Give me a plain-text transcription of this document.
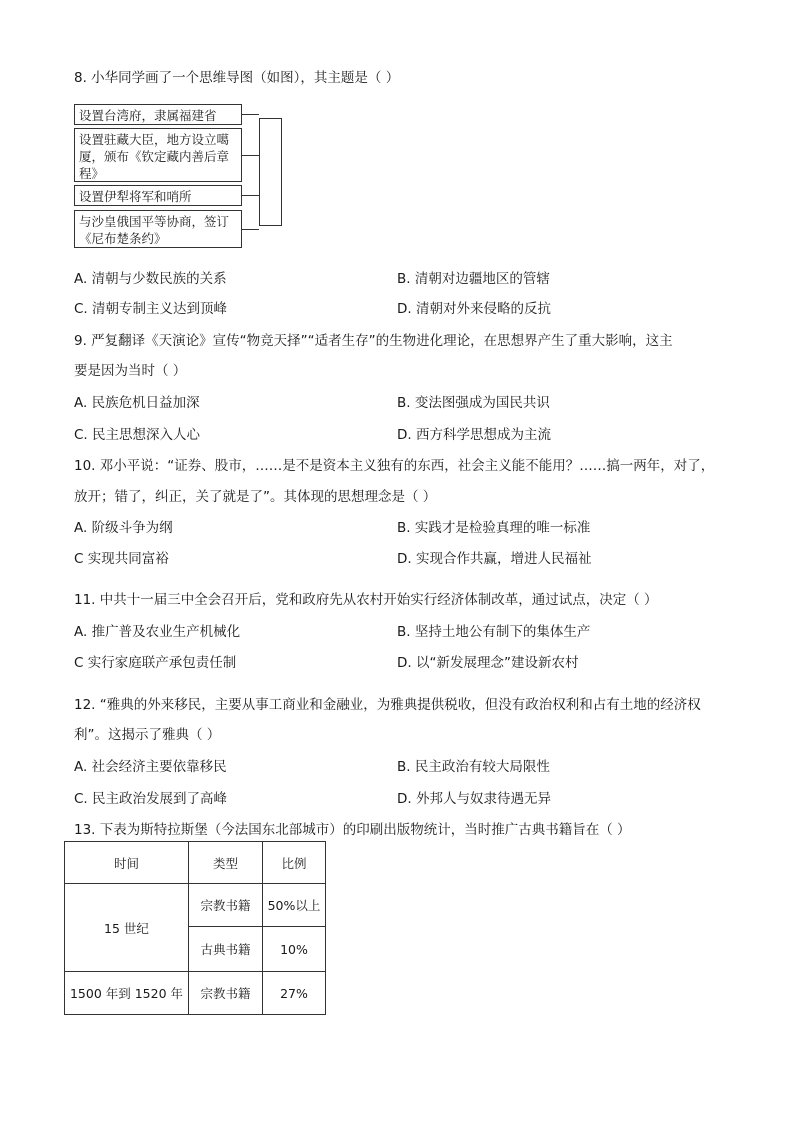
8. 小华同学画了一个思维导图（如图），其主题是（ ）
设置台湾府，隶属福建省
设置驻藏大臣，地方设立噶厦，颁布《钦定藏内善后章程》
设置伊犁将军和哨所
与沙皇俄国平等协商，签订《尼布楚条约》
A. 清朝与少数民族的关系	B. 清朝对边疆地区的管辖
C. 清朝专制主义达到顶峰	D. 清朝对外来侵略的反抗
9. 严复翻译《天演论》宣传“物竞天择”“适者生存”的生物进化理论，在思想界产生了重大影响，这主
要是因为当时（ ）
A. 民族危机日益加深	B. 变法图强成为国民共识
C. 民主思想深入人心	D. 西方科学思想成为主流
10. 邓小平说：“证券、股市，……是不是资本主义独有的东西，社会主义能不能用？……搞一两年，对了，
放开；错了，纠正，关了就是了”。其体现的思想理念是（ ）
A. 阶级斗争为纲	B. 实践才是检验真理的唯一标准
C 实现共同富裕	D. 实现合作共赢，增进人民福祉
11. 中共十一届三中全会召开后，党和政府先从农村开始实行经济体制改革，通过试点，决定（ ）
A. 推广普及农业生产机械化	B. 坚持土地公有制下的集体生产
C 实行家庭联产承包责任制	D. 以“新发展理念”建设新农村
12. “雅典的外来移民，主要从事工商业和金融业，为雅典提供税收，但没有政治权利和占有土地的经济权
利”。这揭示了雅典（ ）
A. 社会经济主要依靠移民	B. 民主政治有较大局限性
C. 民主政治发展到了高峰	D. 外邦人与奴隶待遇无异
13. 下表为斯特拉斯堡（今法国东北部城市）的印刷出版物统计，当时推广古典书籍旨在（ ）
时间	类型	比例
15 世纪	宗教书籍	50%以上
	古典书籍	10%
1500 年到 1520 年	宗教书籍	27%
